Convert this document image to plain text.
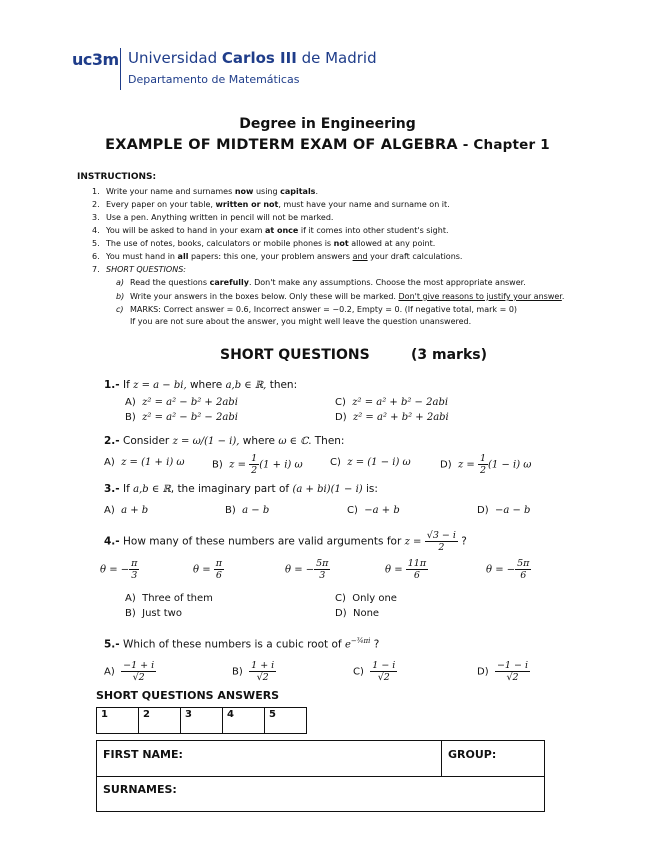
uc3m Universidad Carlos III de Madrid
Departamento de Matemáticas
Degree in Engineering
EXAMPLE OF MIDTERM EXAM OF ALGEBRA - Chapter 1
INSTRUCTIONS:
1. Write your name and surnames now using capitals.
2. Every paper on your table, written or not, must have your name and surname on it.
3. Use a pen. Anything written in pencil will not be marked.
4. You will be asked to hand in your exam at once if it comes into other student's sight.
5. The use of notes, books, calculators or mobile phones is not allowed at any point.
6. You must hand in all papers: this one, your problem answers and your draft calculations.
7. SHORT QUESTIONS:
a) Read the questions carefully. Don't make any assumptions. Choose the most appropriate answer.
b) Write your answers in the boxes below. Only these will be marked. Don't give reasons to justify your answer.
c) MARKS: Correct answer = 0.6, Incorrect answer = −0.2, Empty = 0. (If negative total, mark = 0)
If you are not sure about the answer, you might well leave the question unanswered.
SHORT QUESTIONS	(3 marks)
1.- If z = a − bi, where a,b ∈ ℝ, then:
A) z² = a² − b² + 2abi
B) z² = a² − b² − 2abi
C) z² = a² + b² − 2abi
D) z² = a² + b² + 2abi
2.- Consider z = ω/(1 − i), where ω ∈ ℂ. Then:
A) z = (1 + i) ω	B) $z = \frac{1}{2} (1 + i)$ ω	C) z = (1 − i) ω	D) $z = \frac{1}{2} (1 - i)$ ω
3.- If a,b ∈ ℝ, the imaginary part of (a + bi)(1 − i) is:
A) a + b	B) a − b	C) −a + b	D) −a − b
4.- How many of these numbers are valid arguments for $z = \frac{√3 - i}{2}$ ?
θ = − $\frac{\pi}{3}$	$\theta = \frac{\pi}{6}$	θ = − $\frac{5\pi}{3}$	$\theta = \frac{11\pi}{6}$	θ = − $\frac{5\pi}{6}$
A) Three of them
B) Just two
C) Only one
D) None
5.- Which of these numbers is a cubic root of $e^{-\frac{3}{4}\pi i}$ ?
$A) \frac{-1 + i}{√2}$	$B) \frac{1 + i}{√2}$	$C) \frac{1 - i}{√2}$	$D) \frac{-1 - i}{√2}$
SHORT QUESTIONS ANSWERS
1	2	3	4	5
FIRST NAME:	GROUP:
SURNAMES:
